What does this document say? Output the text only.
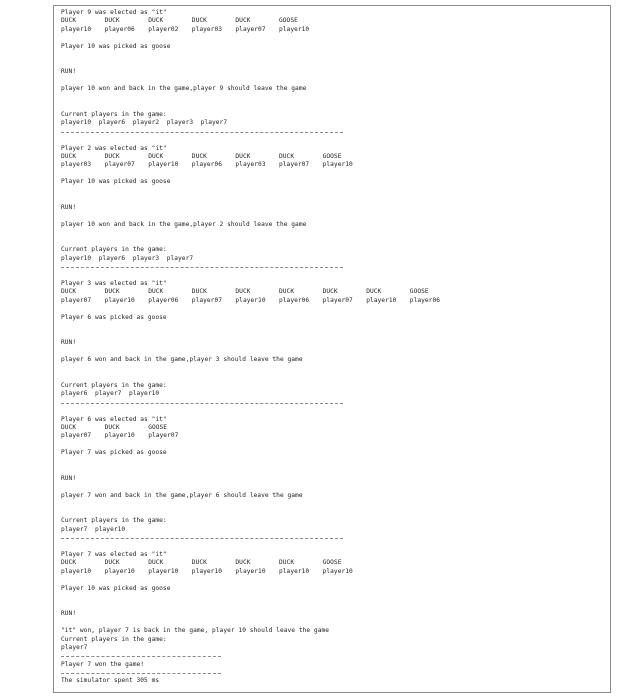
Player 9 was elected as "it"
DUCK	DUCK	DUCK	DUCK	DUCK	GOOSE
player10 player06 player02 player03 player07 player10
Player 10 was picked as goose
RUN!
player 10 won and back in the game,player 9 should leave the game
Current players in the game:
player10  player6  player2  player3  player7
Player 2 was elected as "it"
DUCK	DUCK	DUCK	DUCK	DUCK	DUCK	GOOSE
player03 player07 player10 player06 player03 player07 player10
Player 10 was picked as goose
RUN!
player 10 won and back in the game,player 2 should leave the game
Current players in the game:
player10  player6  player3  player7
Player 3 was elected as "it"
DUCK	DUCK	DUCK	DUCK	DUCK	DUCK	DUCK	DUCK	GOOSE
player07 player10 player06 player07 player10 player06 player07 player10 player06
Player 6 was picked as goose
RUN!
player 6 won and back in the game,player 3 should leave the game
Current players in the game:
player6  player7  player10
Player 6 was elected as "it"
DUCK	DUCK	GOOSE
player07 player10 player07
Player 7 was picked as goose
RUN!
player 7 won and back in the game,player 6 should leave the game
Current players in the game:
player7  player10
Player 7 was elected as "it"
DUCK	DUCK	DUCK	DUCK	DUCK	DUCK	GOOSE
player10 player10 player10 player10 player10 player10 player10
Player 10 was picked as goose
RUN!
"it" won, player 7 is back in the game, player 10 should leave the game
Current players in the game:
player7
Player 7 won the game!
The simulator spent 305 ms
